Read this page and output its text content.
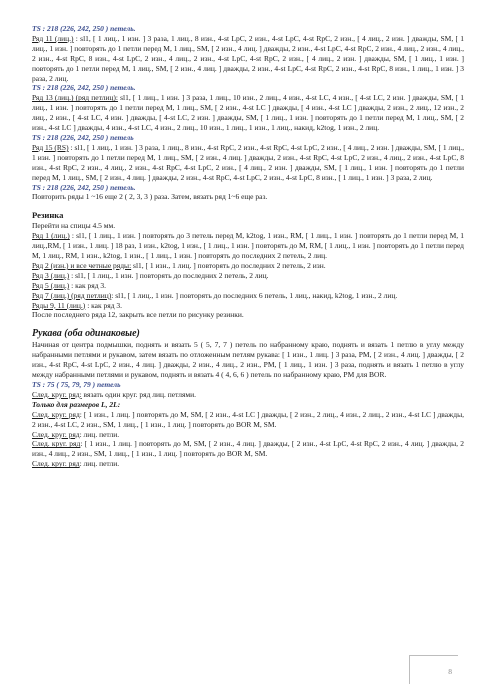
TS : 218 (226, 242, 250 ) петель.
Ряд 11 (лиц.) : sl1, [ 1 лиц., 1 изн. ] 3 раза, 1 лиц., 8 изн., 4-st LpC, 2 изн., 4-st LpC, 4-st RpC, 2 изн., [ 4 лиц., 2 изн. ] дважды, SM, [ 1 лиц., 1 изн. ] повторять до 1 петли перед M, 1 лиц., SM, [ 2 изн., 4 лиц. ] дважды, 2 изн., 4-st LpC, 4-st RpC, 2 изн., 4 лиц., 2 изн., 4 лиц., 2 изн., 4-st RpC, 8 изн., 4-st LpC, 2 изн., 4 лиц., 2 изн., 4-st LpC, 4-st RpC, 2 изн., [ 4 лиц., 2 изн. ] дважды, SM, [ 1 лиц., 1 изн. ] повторять до 1 петли перед M, 1 лиц., SM, [ 2 изн., 4 лиц. ] дважды, 2 изн., 4-st LpC, 4-st RpC, 2 изн., 4-st RpC, 8 изн., 1 лиц., 1 изн. ] 3 раза, 2 лиц.
TS : 218 (226, 242, 250 ) петель.
Ряд 13 (лиц.) (ряд петлиц): sl1, [ 1 лиц., 1 изн. ] 3 раза, 1 лиц., 10 изн., 2 лиц., 4 изн., 4-st LC, 4 изн., [ 4-st LC, 2 изн. ] дважды, SM, [ 1 лиц., 1 изн. ] повторять до 1 петли перед M, 1 лиц., SM, [ 2 изн., 4-st LC ] дважды, [ 4 изн., 4-st LC ] дважды, 2 изн., 2 лиц., 12 изн., 2 лиц., 2 изн., [ 4-st LC, 4 изн. ] дважды, [ 4-st LC, 2 изн. ] дважды, SM, [ 1 лиц., 1 изн. ] повторять до 1 петли перед M, 1 лиц., SM, [ 2 изн., 4-st LC ] дважды, 4 изн., 4-st LC, 4 изн., 2 лиц., 10 изн., 1 лиц., 1 изн., 1 лиц., накид, k2tog, 1 изн., 2 лиц.
TS : 218 (226, 242, 250 ) петель
Ряд 15 (RS) : sl1, [ 1 лиц., 1 изн. ] 3 раза, 1 лиц., 8 изн., 4-st RpC, 2 изн., 4-st RpC, 4-st LpC, 2 изн., [ 4 лиц., 2 изн. ] дважды, SM, [ 1 лиц., 1 изн. ] повторять до 1 петли перед M, 1 лиц., SM, [ 2 изн., 4 лиц. ] дважды, 2 изн., 4-st RpC, 4-st LpC, 2 изн., 4 лиц., 2 изн., 4-st LpC, 8 изн., 4-st RpC, 2 изн., 4 лиц., 2 изн., 4-st RpC, 4-st LpC, 2 изн., [ 4 лиц., 2 изн. ] дважды, SM, [ 1 лиц., 1 изн. ] повторять до 1 петли перед M, 1 лиц., SM, [ 2 изн., 4 лиц. ] дважды, 2 изн., 4-st RpC, 4-st LpC, 2 изн., 4-st LpC, 8 изн., [ 1 лиц., 1 изн. ] 3 раза, 2 лиц.
TS : 218 (226, 242, 250 ) петель.
Повторить ряды 1 ~16 еще 2 ( 2, 3, 3 ) раза. Затем, вязать ряд 1~6 еще раз.
Резинка
Перейти на спицы 4.5 мм.
Ряд 1 (лиц.) : sl1, [ 1 лиц., 1 изн. ] повторять до 3 петель перед M, k2tog, 1 изн., RM, [ 1 лиц., 1 изн. ] повторять до 1 петли перед M, 1 лиц.,RM, [ 1 изн., 1 лиц. ] 18 раз, 1 изн., k2tog, 1 изн., [ 1 лиц., 1 изн. ] повторять до M, RM, [ 1 лиц., 1 изн. ] повторять до 1 петли перед M, 1 лиц., RM, 1 изн., k2tog, 1 изн., [ 1 лиц., 1 изн. ] повторять до последних 2 петель, 2 лиц.
Ряд 2 (изн.) и все четные ряды: sl1, [ 1 изн., 1 лиц. ] повторять до последних 2 петель, 2 изн.
Ряд 3 (лиц.) : sl1, [ 1 лиц., 1 изн. ] повторять до последних 2 петель, 2 лиц.
Ряд 5 (лиц.) : как ряд 3.
Ряд 7 (лиц.) (ряд петлиц): sl1, [ 1 лиц., 1 изн. ] повторять до последних 6 петель, 1 лиц., накид, k2tog, 1 изн., 2 лиц.
Ряды 9, 11 (лиц.) : как ряд 3.
После последнего ряда 12, закрыть все петли по рисунку резинки.
Рукава (оба одинаковые)
Начиная от центра подмышки, поднять и вязать 5 ( 5, 7, 7 ) петель по набранному краю, поднять и вязать 1 петлю в углу между набранными петлями и рукавом, затем вязать по отложенным петлям рукава: [ 1 изн., 1 лиц. ] 3 раза, PM, [ 2 изн., 4 лиц. ] дважды, [ 2 изн., 4-st RpC, 4-st LpC, 2 изн., 4 лиц. ] дважды, 2 изн., 4 лиц., 2 изн., PM, [ 1 лиц., 1 изн. ] 3 раза, поднять и вязать 1 петлю в углу между набранными петлями и рукавом, поднять и вязать 4 ( 4, 6, 6 ) петель по набранному краю, PM для BOR.
TS : 75 ( 75, 79, 79 ) петель
След. круг. ряд: вязать один круг. ряд лиц. петлями.
Только для размеров L, 2L:
След. круг. ряд: [ 1 изн., 1 лиц. ] повторять до M, SM, [ 2 изн., 4-st LC ] дважды, [ 2 изн., 2 лиц., 4 изн., 2 лиц., 2 изн., 4-st LC ] дважды, 2 изн., 4-st LC, 2 изн., SM, 1 лиц., [ 1 изн., 1 лиц. ] повторять до BOR M, SM.
След. круг. ряд: лиц. петли.
След. круг. ряд: [ 1 изн., 1 лиц. ] повторять до M, SM, [ 2 изн., 4 лиц. ] дважды, [ 2 изн., 4-st LpC, 4-st RpC, 2 изн., 4 лиц. ] дважды, 2 изн., 4 лиц., 2 изн., SM, 1 лиц., [ 1 изн., 1 лиц. ] повторять до BOR M, SM.
След. круг. ряд: лиц. петли.
8
